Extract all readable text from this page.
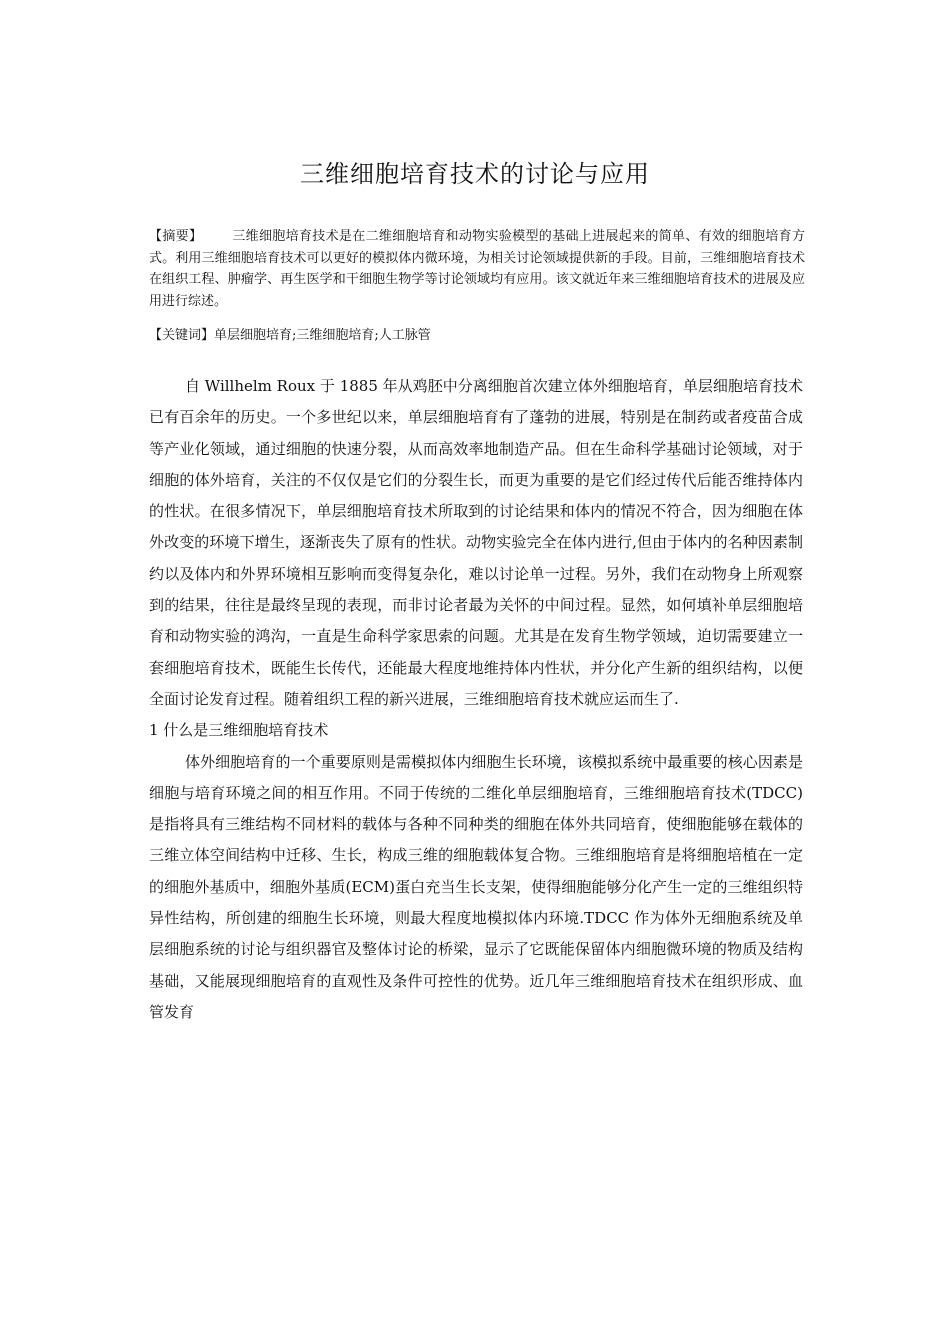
三维细胞培育技术的讨论与应用
【摘要】 三维细胞培育技术是在二维细胞培育和动物实验模型的基础上进展起来的简单、有效的细胞培育方式。利用三维细胞培育技术可以更好的模拟体内微环境，为相关讨论领域提供新的手段。目前，三维细胞培育技术在组织工程、肿瘤学、再生医学和干细胞生物学等讨论领域均有应用。该文就近年来三维细胞培育技术的进展及应用进行综述。
【关键词】单层细胞培育;三维细胞培育;人工脉管

自 Willhelm Roux 于 1885 年从鸡胚中分离细胞首次建立体外细胞培育，单层细胞培育技术已有百余年的历史。一个多世纪以来，单层细胞培育有了蓬勃的进展，特别是在制药或者疫苗合成等产业化领域，通过细胞的快速分裂，从而高效率地制造产品。但在生命科学基础讨论领域，对于细胞的体外培育，关注的不仅仅是它们的分裂生长，而更为重要的是它们经过传代后能否维持体内的性状。在很多情况下，单层细胞培育技术所取到的讨论结果和体内的情况不符合，因为细胞在体外改变的环境下增生，逐渐丧失了原有的性状。动物实验完全在体内进行,但由于体内的名种因素制约以及体内和外界环境相互影响而变得复杂化，难以讨论单一过程。另外，我们在动物身上所观察到的结果，往往是最终呈现的表现，而非讨论者最为关怀的中间过程。显然，如何填补单层细胞培育和动物实验的鸿沟，一直是生命科学家思索的问题。尤其是在发育生物学领域，迫切需要建立一套细胞培育技术，既能生长传代，还能最大程度地维持体内性状，并分化产生新的组织结构，以便全面讨论发育过程。随着组织工程的新兴进展，三维细胞培育技术就应运而生了.

1 什么是三维细胞培育技术

体外细胞培育的一个重要原则是需模拟体内细胞生长环境，该模拟系统中最重要的核心因素是细胞与培育环境之间的相互作用。不同于传统的二维化单层细胞培育，三维细胞培育技术(TDCC)是指将具有三维结构不同材料的载体与各种不同种类的细胞在体外共同培育，使细胞能够在载体的三维立体空间结构中迁移、生长，构成三维的细胞载体复合物。三维细胞培育是将细胞培植在一定的细胞外基质中，细胞外基质(ECM)蛋白充当生长支架，使得细胞能够分化产生一定的三维组织特异性结构，所创建的细胞生长环境，则最大程度地模拟体内环境.TDCC 作为体外无细胞系统及单层细胞系统的讨论与组织器官及整体讨论的桥梁，显示了它既能保留体内细胞微环境的物质及结构基础，又能展现细胞培育的直观性及条件可控性的优势。近几年三维细胞培育技术在组织形成、血管发育
